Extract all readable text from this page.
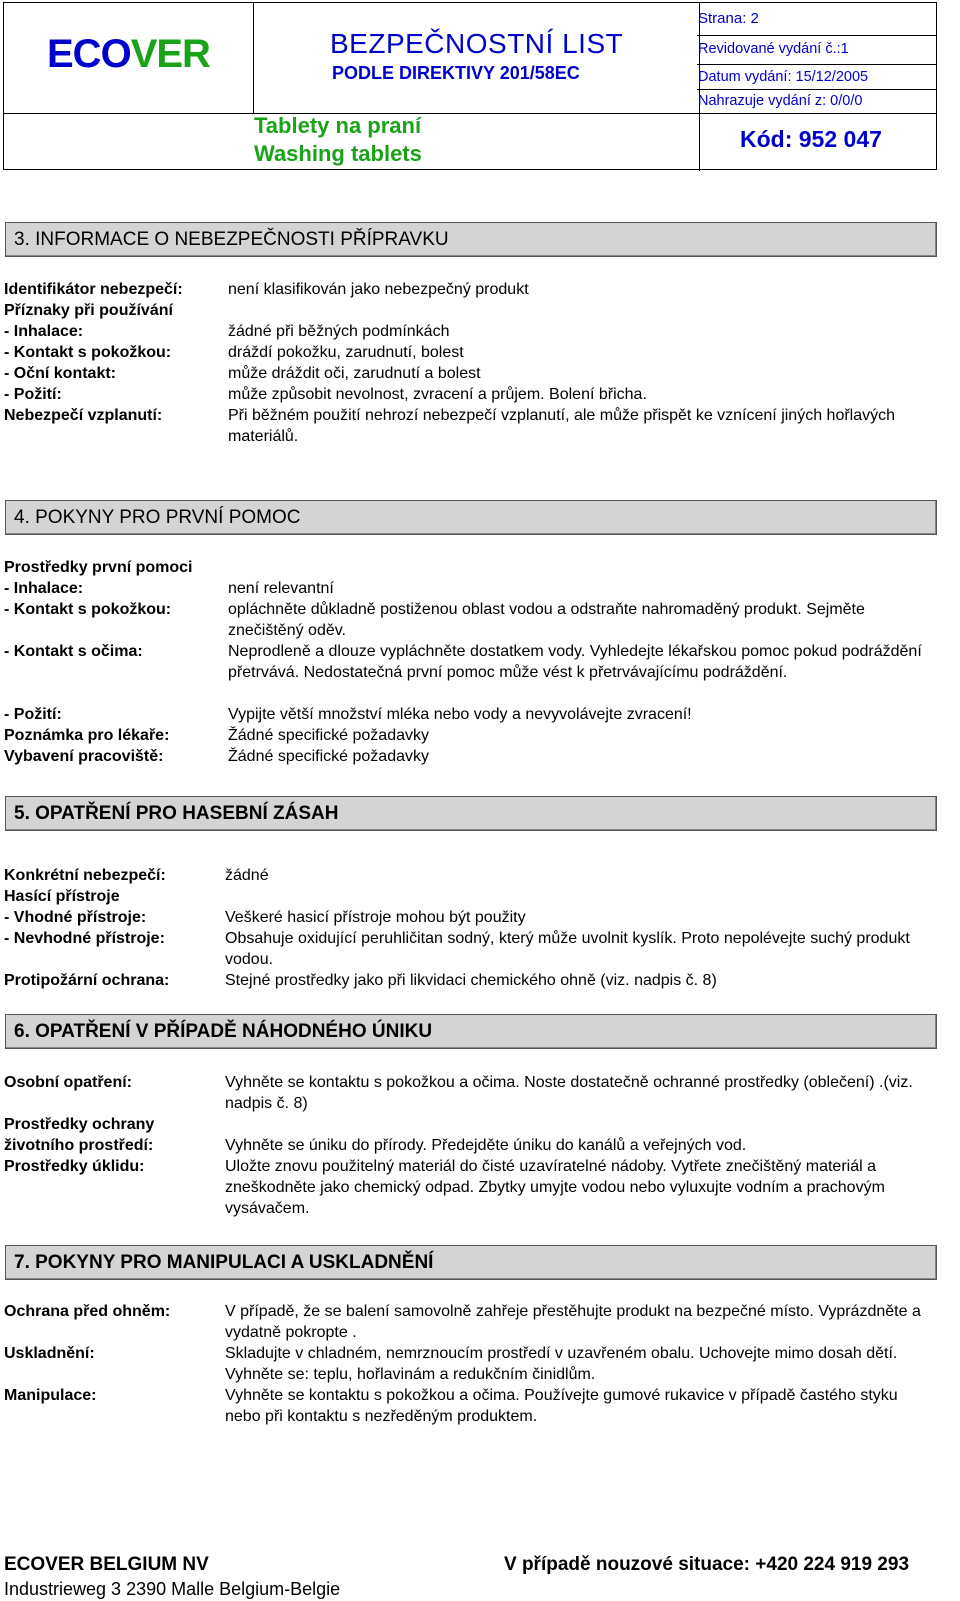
ECOVER	BEZPEČNOSTNÍ LIST
PODLE DIREKTIVY 201/58EC
Tablety na praní
Washing tablets
Strana: 2
Revidované vydání č.:1
Datum vydání: 15/12/2005
Nahrazuje vydání z: 0/0/0
Kód: 952 047
3. INFORMACE O NEBEZPEČNOSTI PŘÍPRAVKU
Identifikátor nebezpečí:	není klasifikován jako nebezpečný produkt
Příznaky při používání
- Inhalace:	žádné při běžných podmínkách
- Kontakt s pokožkou:	dráždí pokožku, zarudnutí, bolest
- Oční kontakt:	může dráždit oči, zarudnutí a bolest
- Požití:	může způsobit nevolnost, zvracení a průjem. Bolení břicha.
Nebezpečí vzplanutí:	Při běžném použití nehrozí nebezpečí vzplanutí, ale může přispět ke vznícení jiných hořlavých materiálů.
4. POKYNY PRO PRVNÍ POMOC
Prostředky první pomoci
- Inhalace:	není relevantní
- Kontakt s pokožkou:	opláchněte důkladně postiženou oblast vodou a odstraňte nahromaděný produkt. Sejměte znečištěný oděv.
- Kontakt s očima:	Neprodleně a dlouze vypláchněte dostatkem vody. Vyhledejte lékařskou pomoc pokud podráždění přetrvává. Nedostatečná první pomoc může vést k přetrvávajícímu podráždění.
- Požití:	Vypijte větší množství mléka nebo vody a nevyvolávejte zvracení!
Poznámka pro lékaře:	Žádné specifické požadavky
Vybavení pracoviště:	Žádné specifické požadavky
5. OPATŘENÍ PRO HASEBNÍ ZÁSAH
Konkrétní nebezpečí:	žádné
Hasící přístroje
- Vhodné přístroje:	Veškeré hasicí přístroje mohou být použity
- Nevhodné přístroje:	Obsahuje oxidující peruhličitan sodný, který může uvolnit kyslík. Proto nepolévejte suchý produkt vodou.
Protipožární ochrana:	Stejné prostředky jako při likvidaci chemického ohně (viz. nadpis č. 8)
6. OPATŘENÍ V PŘÍPADĚ NÁHODNÉHO ÚNIKU
Osobní opatření:	Vyhněte se kontaktu s pokožkou a očima. Noste dostatečně ochranné prostředky (oblečení) .(viz. nadpis č. 8)
Prostředky ochrany životního prostředí:	Vyhněte se úniku do přírody. Předejděte úniku do kanálů a veřejných vod.
Prostředky úklidu:	Uložte znovu použitelný materiál do čisté uzavíratelné nádoby. Vytřete znečištěný materiál a zneškodněte jako chemický odpad. Zbytky umyjte vodou nebo vyluxujte vodním a prachovým vysávačem.
7. POKYNY PRO MANIPULACI A USKLADNĚNÍ
Ochrana před ohněm:	V případě, že se balení samovolně zahřeje přestěhujte produkt na bezpečné místo. Vyprázdněte a vydatně pokropte .
Uskladnění:	Skladujte v chladném, nemrznoucím prostředí v uzavřeném obalu. Uchovejte mimo dosah dětí. Vyhněte se: teplu, hořlavinám a redukčním činidlům.
Manipulace:	Vyhněte se kontaktu s pokožkou a očima. Používejte gumové rukavice v případě častého styku nebo při kontaktu s nezředěným produktem.
ECOVER BELGIUM NV
Industrieweg 3 2390 Malle Belgium-Belgie
V případě nouzové situace: +420 224 919 293
